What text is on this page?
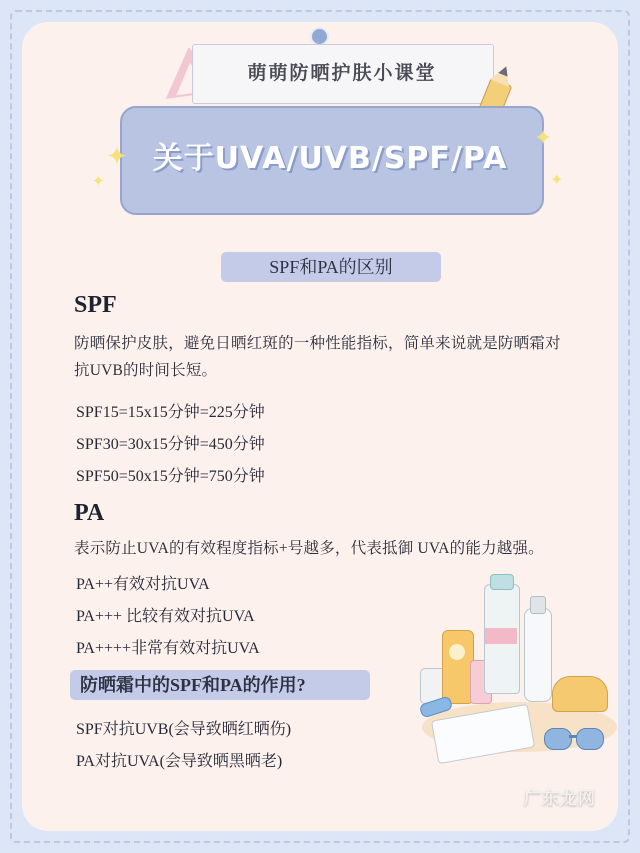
萌萌防晒护肤小课堂
关于UVA/UVB/SPF/PA
✦
✦
✦
✦
SPF和PA的区别
SPF
防晒保护皮肤，避免日晒红斑的一种性能指标，简单来说就是防晒霜对抗UVB的时间长短。
SPF15=15x15分钟=225分钟
SPF30=30x15分钟=450分钟
SPF50=50x15分钟=750分钟
PA
表示防止UVA的有效程度指标+号越多，代表抵御 UVA的能力越强。
PA++有效对抗UVA
PA+++ 比较有效对抗UVA
PA++++非常有效对抗UVA
防晒霜中的SPF和PA的作用?
SPF对抗UVB(会导致晒红晒伤)
PA对抗UVA(会导致晒黑晒老)
广东龙网
